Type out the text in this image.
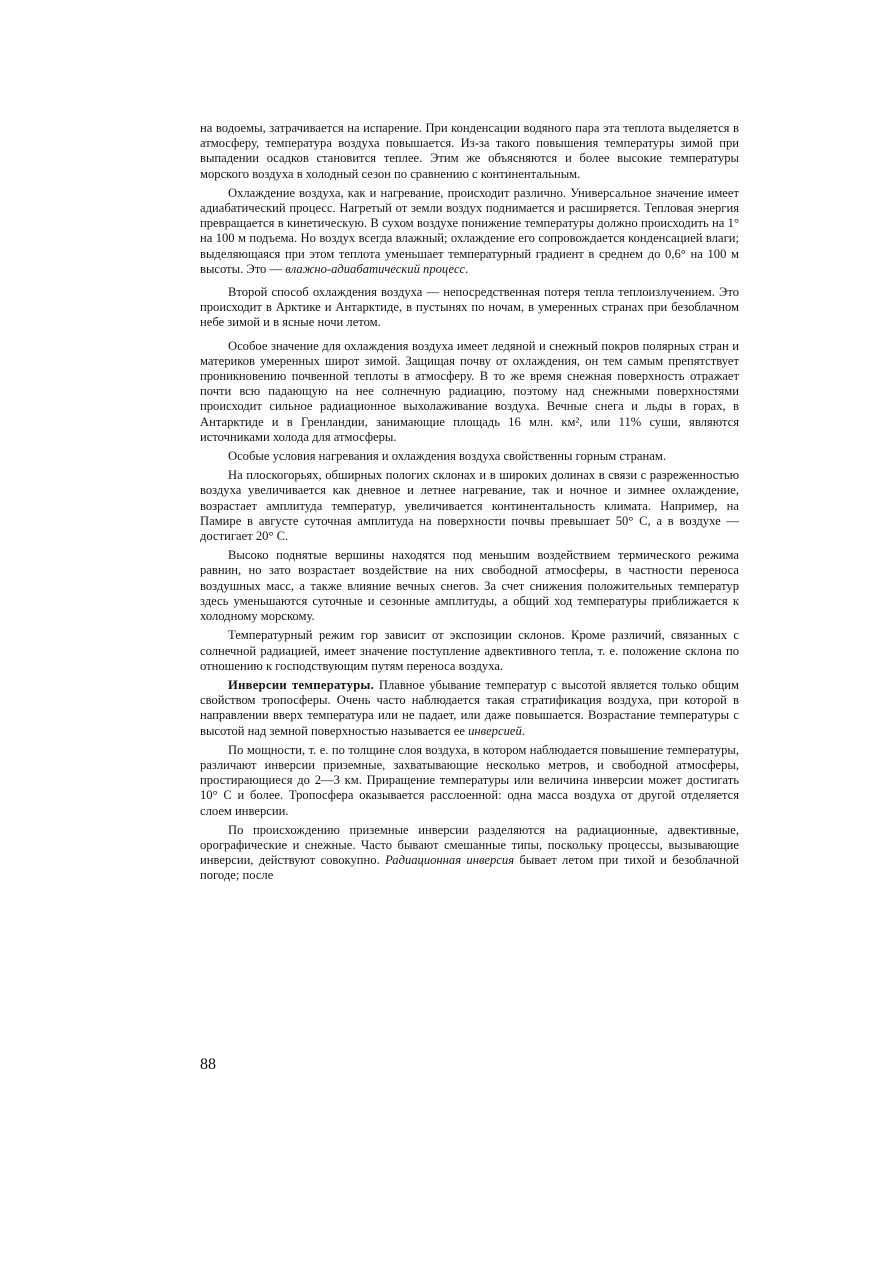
на водоемы, затрачивается на испарение. При конденсации водяного пара эта теплота выделяется в атмосферу, температура воздуха повышается. Из-за такого повышения температуры зимой при выпадении осадков становится теплее. Этим же объясняются и более высокие температуры морского воздуха в холодный сезон по сравнению с континентальным.

Охлаждение воздуха, как и нагревание, происходит различно. Универсальное значение имеет адиабатический процесс. Нагретый от земли воздух поднимается и расширяется. Тепловая энергия превращается в кинетическую. В сухом воздухе понижение температуры должно происходить на 1° на 100 м подъема. Но воздух всегда влажный; охлаждение его сопровождается конденсацией влаги; выделяющаяся при этом теплота уменьшает температурный градиент в среднем до 0,6° на 100 м высоты. Это — влажно-адиабатический процесс.

Второй способ охлаждения воздуха — непосредственная потеря тепла теплоизлучением. Это происходит в Арктике и Антарктиде, в пустынях по ночам, в умеренных странах при безоблачном небе зимой и в ясные ночи летом.

Особое значение для охлаждения воздуха имеет ледяной и снежный покров полярных стран и материков умеренных широт зимой. Защищая почву от охлаждения, он тем самым препятствует проникновению почвенной теплоты в атмосферу. В то же время снежная поверхность отражает почти всю падающую на нее солнечную радиацию, поэтому над снежными поверхностями происходит сильное радиационное выхолаживание воздуха. Вечные снега и льды в горах, в Антарктиде и в Гренландии, занимающие площадь 16 млн. км², или 11% суши, являются источниками холода для атмосферы.

Особые условия нагревания и охлаждения воздуха свойственны горным странам.

На плоскогорьях, обширных пологих склонах и в широких долинах в связи с разреженностью воздуха увеличивается как дневное и летнее нагревание, так и ночное и зимнее охлаждение, возрастает амплитуда температур, увеличивается континентальность климата. Например, на Памире в августе суточная амплитуда на поверхности почвы превышает 50° С, а в воздухе — достигает 20° С.

Высоко поднятые вершины находятся под меньшим воздействием термического режима равнин, но зато возрастает воздействие на них свободной атмосферы, в частности переноса воздушных масс, а также влияние вечных снегов. За счет снижения положительных температур здесь уменьшаются суточные и сезонные амплитуды, а общий ход температуры приближается к холодному морскому.

Температурный режим гор зависит от экспозиции склонов. Кроме различий, связанных с солнечной радиацией, имеет значение поступление адвективного тепла, т. е. положение склона по отношению к господствующим путям переноса воздуха.

Инверсии температуры. Плавное убывание температур с высотой является только общим свойством тропосферы. Очень часто наблюдается такая стратификация воздуха, при которой в направлении вверх температура или не падает, или даже повышается. Возрастание температуры с высотой над земной поверхностью называется ее инверсией.

По мощности, т. е. по толщине слоя воздуха, в котором наблюдается повышение температуры, различают инверсии приземные, захватывающие несколько метров, и свободной атмосферы, простирающиеся до 2—3 км. Приращение температуры или величина инверсии может достигать 10° С и более. Тропосфера оказывается расслоенной: одна масса воздуха от другой отделяется слоем инверсии.

По происхождению приземные инверсии разделяются на радиационные, адвективные, орографические и снежные. Часто бывают смешанные типы, поскольку процессы, вызывающие инверсии, действуют совокупно. Радиационная инверсия бывает летом при тихой и безоблачной погоде; после

88
